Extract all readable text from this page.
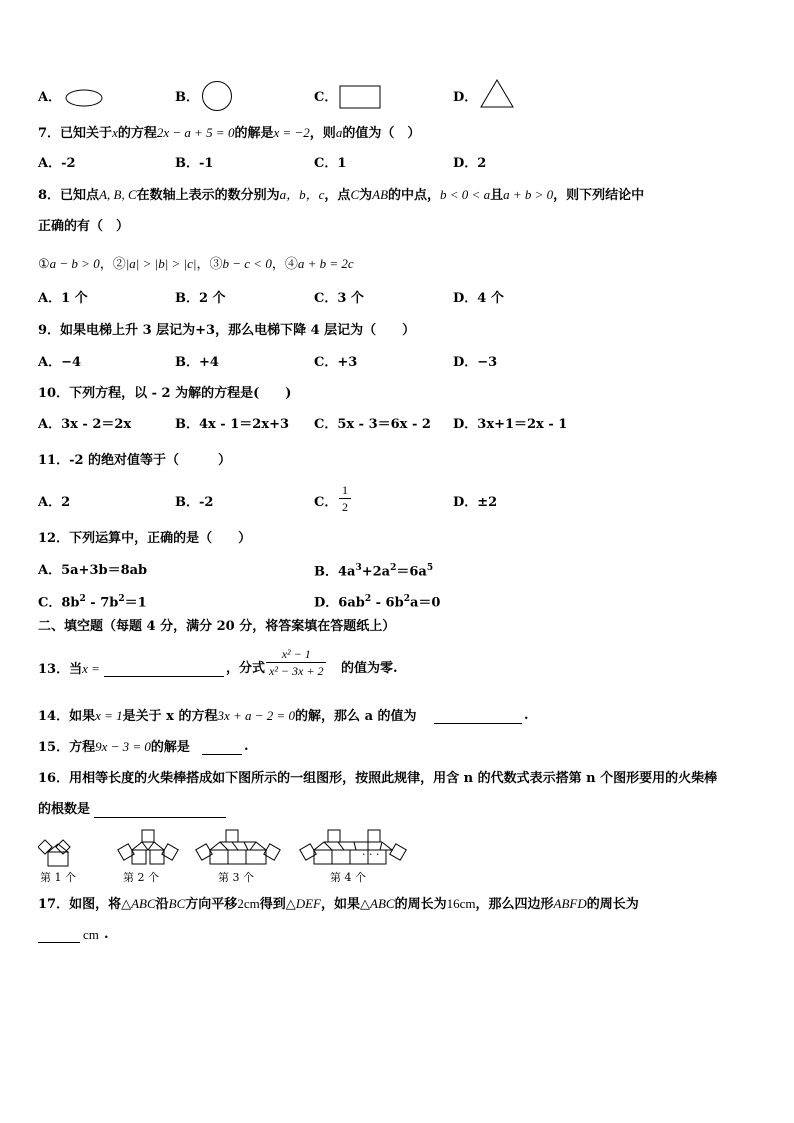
A．	B．	C．	D．
7．已知关于x的方程2x − a + 5 = 0的解是x = −2，则a的值为（　）
A．-2	B．-1	C．1	D．2
8．已知点A, B, C在数轴上表示的数分别为a，b，c，点C为AB的中点，b < 0 < a且a + b > 0，则下列结论中
正确的有（　）
①a − b > 0，②|a| > |b| > |c|，③b − c < 0，④a + b = 2c
A．1 个	B．2 个	C．3 个	D．4 个
9．如果电梯上升 3 层记为+3，那么电梯下降 4 层记为（　　）
A．−4	B．+4	C．+3	D．−3
10．下列方程，以 - 2 为解的方程是(　　)
A．3x - 2＝2x	B．4x - 1＝2x+3 C．5x - 3＝6x - 2 D．3x+1＝2x - 1
11．-2 的绝对值等于（　　　）
A．2	B．-2	C． $\frac{1}{2}$	D．±2
12．下列运算中，正确的是（　　）
A．5a+3b＝8ab	B．$4a^3+2a^2=6a^5$
C．$8b^2 - 7b^2=1$	D．$6ab^2 - 6b^2a=0$
二、填空题（每题 4 分，满分 20 分，将答案填在答题纸上）
13．当x =	，分式 $\frac{\text{x² − 1}}{\text{x² − 3x + 2}}$ 的值为零.
14．如果x = 1是关于 x 的方程3x + a − 2 = 0的解，那么 a 的值为	.
15．方程9x − 3 = 0的解是	.
16．用相等长度的火柴棒搭成如下图所示的一组图形，按照此规律，用含 n 的代数式表示搭第 n 个图形要用的火柴棒
的根数是
· · ·
第 1 个	第 2 个	第 3 个	第 4 个
17．如图，将△ABC沿BC方向平移2cm得到△DEF，如果△ABC的周长为16cm，那么四边形ABFD的周长为
cm .
